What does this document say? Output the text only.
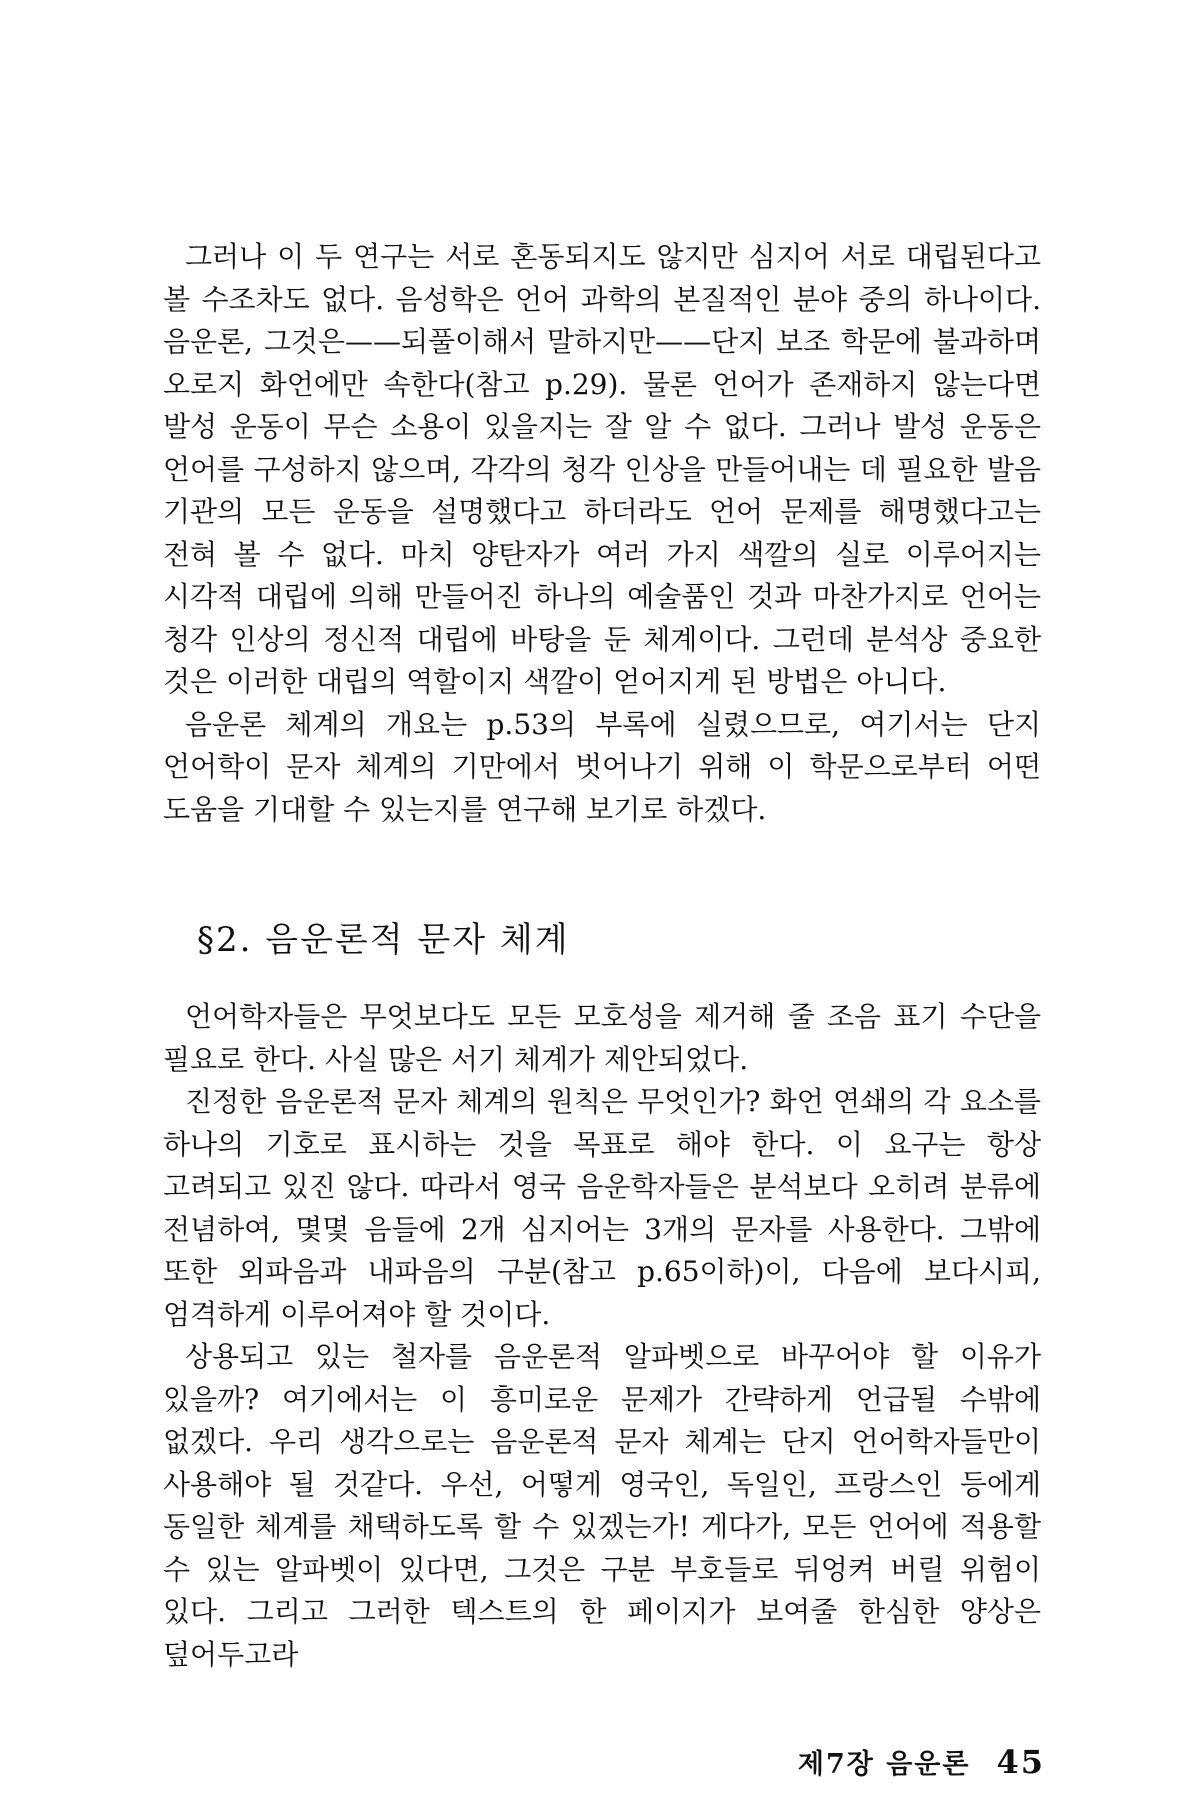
그러나 이 두 연구는 서로 혼동되지도 않지만 심지어 서로 대립된다고 볼 수조차도 없다. 음성학은 언어 과학의 본질적인 분야 중의 하나이다. 음운론, 그것은——되풀이해서 말하지만——단지 보조 학문에 불과하며 오로지 화언에만 속한다(참고 p.29). 물론 언어가 존재하지 않는다면 발성 운동이 무슨 소용이 있을지는 잘 알 수 없다. 그러나 발성 운동은 언어를 구성하지 않으며, 각각의 청각 인상을 만들어내는 데 필요한 발음 기관의 모든 운동을 설명했다고 하더라도 언어 문제를 해명했다고는 전혀 볼 수 없다. 마치 양탄자가 여러 가지 색깔의 실로 이루어지는 시각적 대립에 의해 만들어진 하나의 예술품인 것과 마찬가지로 언어는 청각 인상의 정신적 대립에 바탕을 둔 체계이다. 그런데 분석상 중요한 것은 이러한 대립의 역할이지 색깔이 얻어지게 된 방법은 아니다.

음운론 체계의 개요는 p.53의 부록에 실렸으므로, 여기서는 단지 언어학이 문자 체계의 기만에서 벗어나기 위해 이 학문으로부터 어떤 도움을 기대할 수 있는지를 연구해 보기로 하겠다.

§2. 음운론적 문자 체계

언어학자들은 무엇보다도 모든 모호성을 제거해 줄 조음 표기 수단을 필요로 한다. 사실 많은 서기 체계가 제안되었다.

진정한 음운론적 문자 체계의 원칙은 무엇인가? 화언 연쇄의 각 요소를 하나의 기호로 표시하는 것을 목표로 해야 한다. 이 요구는 항상 고려되고 있진 않다. 따라서 영국 음운학자들은 분석보다 오히려 분류에 전념하여, 몇몇 음들에 2개 심지어는 3개의 문자를 사용한다. 그밖에 또한 외파음과 내파음의 구분(참고 p.65이하)이, 다음에 보다시피, 엄격하게 이루어져야 할 것이다.

상용되고 있는 철자를 음운론적 알파벳으로 바꾸어야 할 이유가 있을까? 여기에서는 이 흥미로운 문제가 간략하게 언급될 수밖에 없겠다. 우리 생각으로는 음운론적 문자 체계는 단지 언어학자들만이 사용해야 될 것같다. 우선, 어떻게 영국인, 독일인, 프랑스인 등에게 동일한 체계를 채택하도록 할 수 있겠는가! 게다가, 모든 언어에 적용할 수 있는 알파벳이 있다면, 그것은 구분 부호들로 뒤엉켜 버릴 위험이 있다. 그리고 그러한 텍스트의 한 페이지가 보여줄 한심한 양상은 덮어두고라

제7장 음운론 45
